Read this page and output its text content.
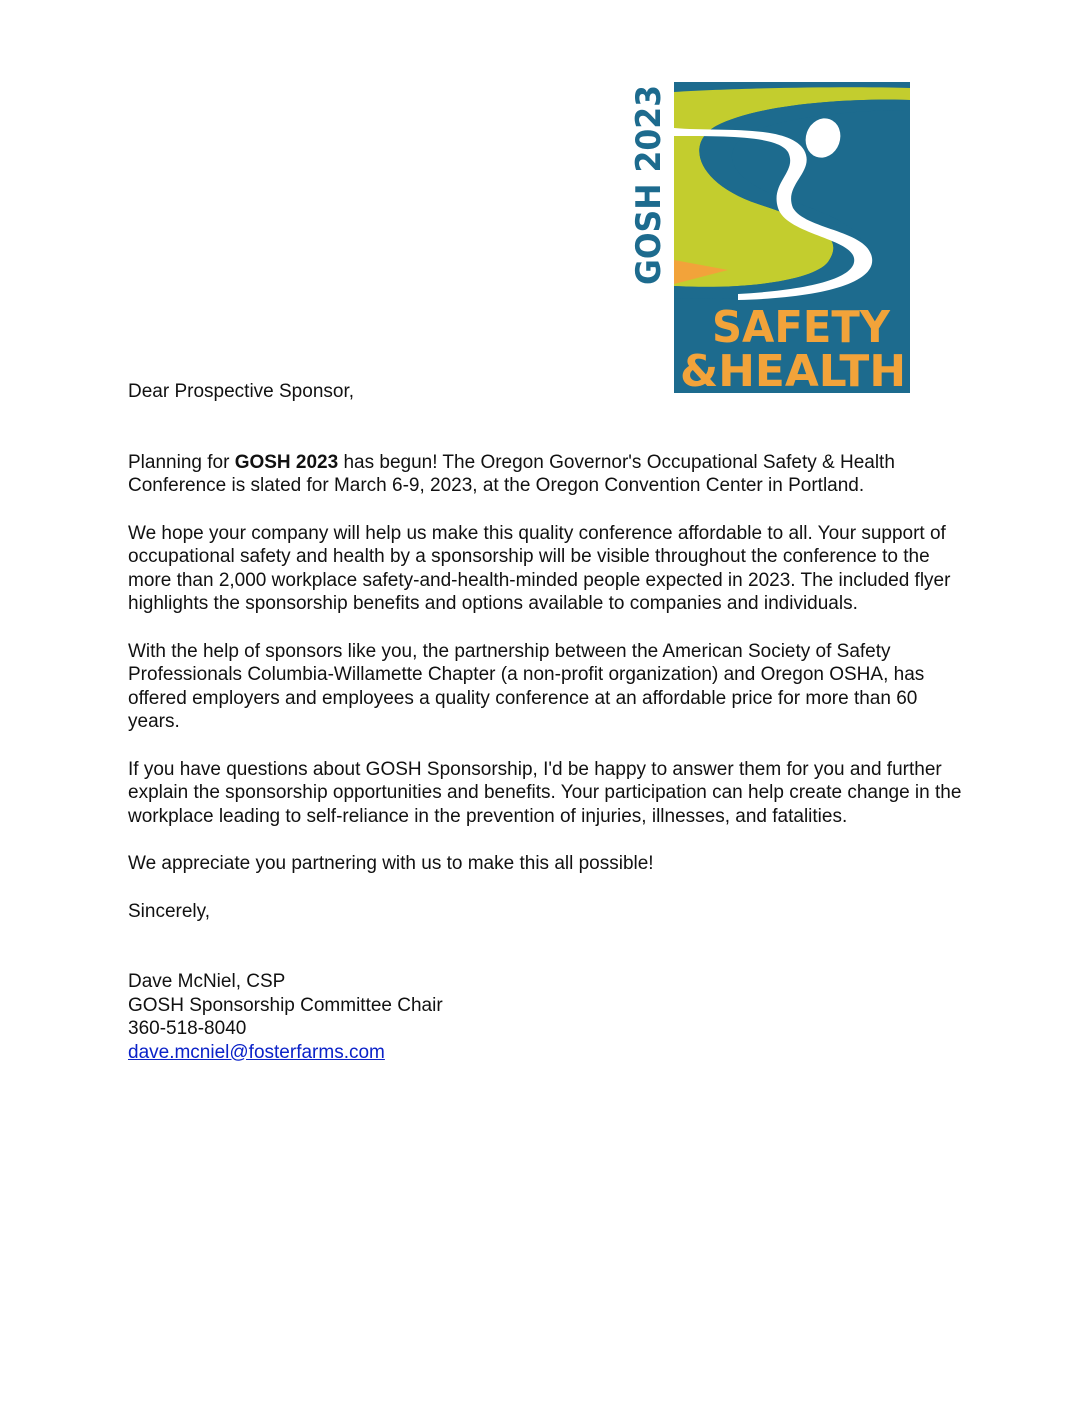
GOSH 2023
SAFETY
&HEALTH

Dear Prospective Sponsor,

Planning for GOSH 2023 has begun! The Oregon Governor's Occupational Safety & Health Conference is slated for March 6-9, 2023, at the Oregon Convention Center in Portland.

We hope your company will help us make this quality conference affordable to all. Your support of occupational safety and health by a sponsorship will be visible throughout the conference to the more than 2,000 workplace safety-and-health-minded people expected in 2023. The included flyer highlights the sponsorship benefits and options available to companies and individuals.

With the help of sponsors like you, the partnership between the American Society of Safety Professionals Columbia-Willamette Chapter (a non-profit organization) and Oregon OSHA, has offered employers and employees a quality conference at an affordable price for more than 60 years.

If you have questions about GOSH Sponsorship, I'd be happy to answer them for you and further explain the sponsorship opportunities and benefits. Your participation can help create change in the workplace leading to self-reliance in the prevention of injuries, illnesses, and fatalities.

We appreciate you partnering with us to make this all possible!

Sincerely,

Dave McNiel, CSP
GOSH Sponsorship Committee Chair
360-518-8040
dave.mcniel@fosterfarms.com
